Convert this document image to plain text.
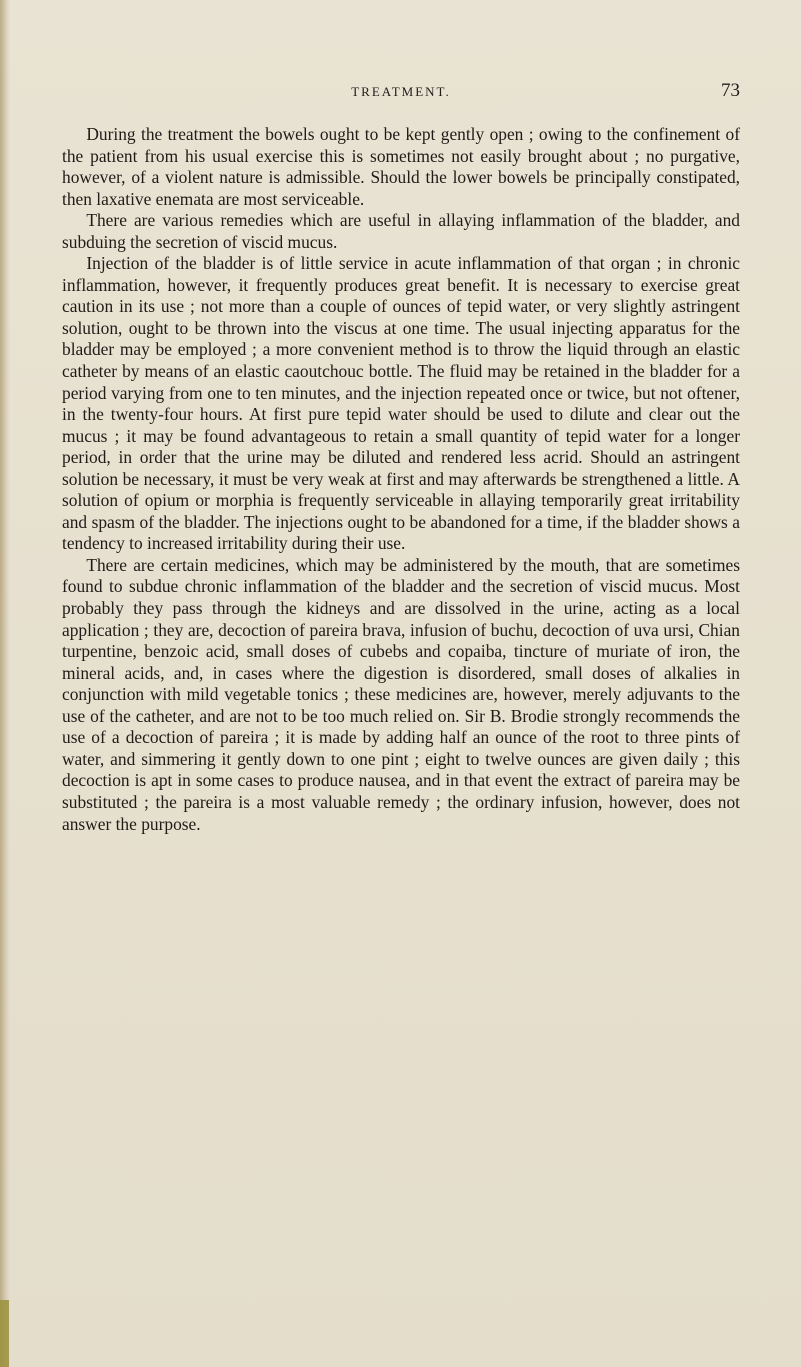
TREATMENT.	73

During the treatment the bowels ought to be kept gently open ; owing to the confinement of the patient from his usual exercise this is sometimes not easily brought about ; no purgative, however, of a violent nature is admissible. Should the lower bowels be principally constipated, then laxative enemata are most serviceable.

There are various remedies which are useful in allaying inflammation of the bladder, and subduing the secretion of viscid mucus.

Injection of the bladder is of little service in acute inflammation of that organ ; in chronic inflammation, however, it frequently produces great benefit. It is necessary to exercise great caution in its use ; not more than a couple of ounces of tepid water, or very slightly astringent solution, ought to be thrown into the viscus at one time. The usual injecting apparatus for the bladder may be employed ; a more convenient method is to throw the liquid through an elastic catheter by means of an elastic caoutchouc bottle. The fluid may be retained in the bladder for a period varying from one to ten minutes, and the injection repeated once or twice, but not oftener, in the twenty-four hours. At first pure tepid water should be used to dilute and clear out the mucus ; it may be found advantageous to retain a small quantity of tepid water for a longer period, in order that the urine may be diluted and rendered less acrid. Should an astringent solution be necessary, it must be very weak at first and may afterwards be strengthened a little. A solution of opium or morphia is frequently serviceable in allaying temporarily great irritability and spasm of the bladder. The injections ought to be abandoned for a time, if the bladder shows a tendency to increased irritability during their use.

There are certain medicines, which may be administered by the mouth, that are sometimes found to subdue chronic inflammation of the bladder and the secretion of viscid mucus. Most probably they pass through the kidneys and are dissolved in the urine, acting as a local application ; they are, decoction of pareira brava, infusion of buchu, decoction of uva ursi, Chian turpentine, benzoic acid, small doses of cubebs and copaiba, tincture of muriate of iron, the mineral acids, and, in cases where the digestion is disordered, small doses of alkalies in conjunction with mild vegetable tonics ; these medicines are, however, merely adjuvants to the use of the catheter, and are not to be too much relied on. Sir B. Brodie strongly recommends the use of a decoction of pareira ; it is made by adding half an ounce of the root to three pints of water, and simmering it gently down to one pint ; eight to twelve ounces are given daily ; this decoction is apt in some cases to produce nausea, and in that event the extract of pareira may be substituted ; the pareira is a most valuable remedy ; the ordinary infusion, however, does not answer the purpose.
